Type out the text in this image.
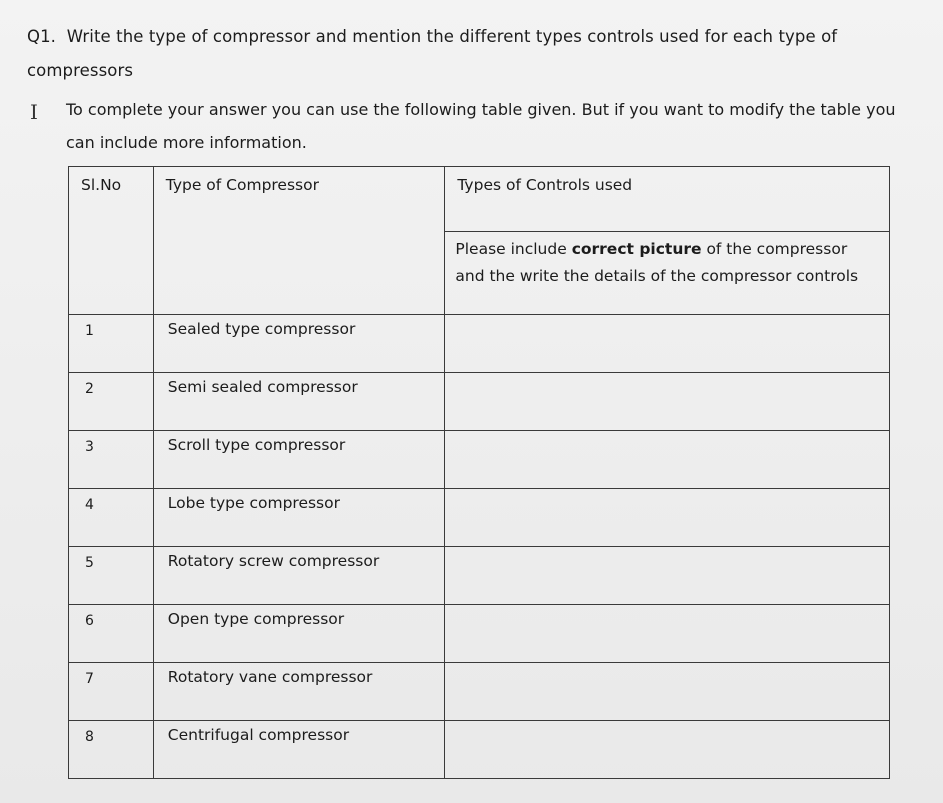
Q1. Write the type of compressor and mention the different types controls used for each type of compressors
I To complete your answer you can use the following table given. But if you want to modify the table you can include more information.
Sl.No	Type of Compressor	Types of Controls used

		Please include correct picture of the compressor and the write the details of the compressor controls

1	Sealed type compressor	

2	Semi sealed compressor	

3	Scroll type compressor	

4	Lobe type compressor	

5	Rotatory screw compressor	

6	Open type compressor	

7	Rotatory vane compressor	

8	Centrifugal compressor	
